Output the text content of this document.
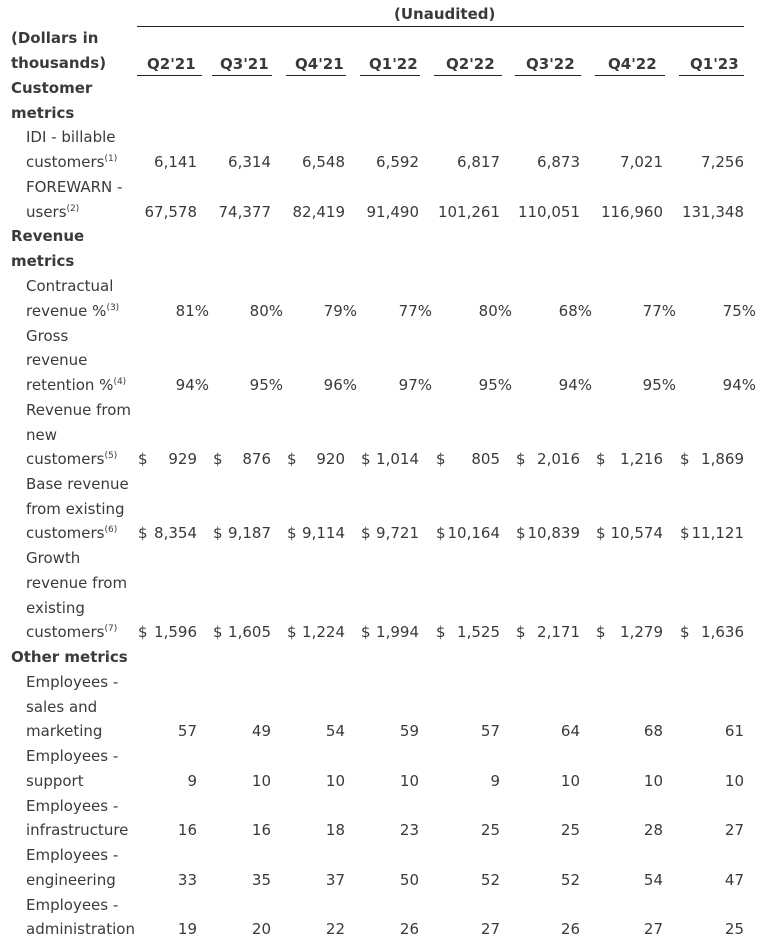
(Unaudited)
(Dollars in
thousands)	Q2'21 Q3'21 Q4'21 Q1'22 Q2'22 Q3'22 Q4'22 Q1'23
Customer
metrics
IDI - billable
customers$^{(1)}$	6,141	6,314	6,548	6,592	6,817	6,873	7,021	7,256
FOREWARN -
users$^{(2)}$	67,578	74,377	82,419	91,490 101,261 110,051	116,960 131,348
Revenue
metrics
Contractual
revenue %$^{(3)}$	81%	80%	79%	77%	80%	68%	77%	75%
Gross
revenue
retention %$^{(4)}$	94%	95%	96%	97%	95%	94%	95%	94%
Revenue from
new
customers$^{(5)}$ $	929 $	876 $	920 $ 1,014 $	805 $ 2,016 $ 1,216 $ 1,869
Base revenue
from existing
customers$^{(6)}$ $ 8,354 $ 9,187 $ 9,114 $ 9,721 $ 10,164 $ 10,839 $ 10,574 $ 11,121
Growth
revenue from
existing
customers$^{(7)}$ $ 1,596 $ 1,605 $ 1,224 $ 1,994 $ 1,525 $ 2,171 $ 1,279 $ 1,636
Other metrics
Employees -
sales and
marketing	57	49	54	59	57	64	68	61
Employees -
support	9	10	10	10	9	10	10	10
Employees -
infrastructure	16	16	18	23	25	25	28	27
Employees -
engineering	33	35	37	50	52	52	54	47
Employees -
administration	19	20	22	26	27	26	27	25
